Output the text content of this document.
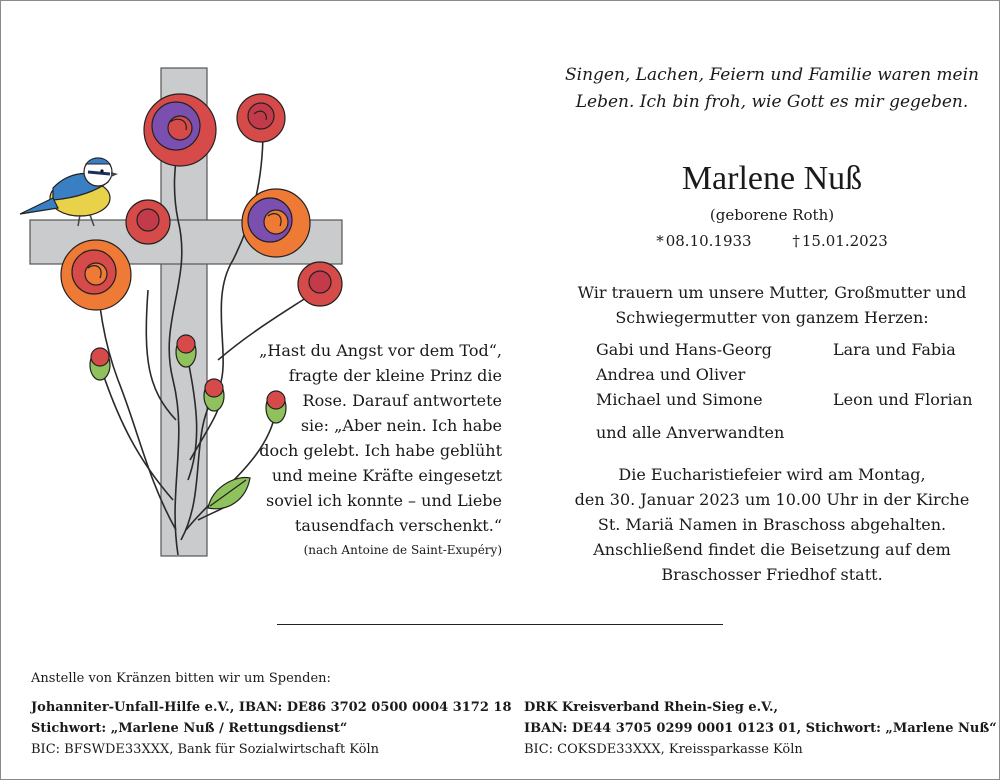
„Hast du Angst vor dem Tod“,
fragte der kleine Prinz die
Rose. Darauf antwortete
sie: „Aber nein. Ich habe
doch gelebt. Ich habe geblüht
und meine Kräfte eingesetzt
soviel ich konnte – und Liebe
tausendfach verschenkt.“
(nach Antoine de Saint-Exupéry)
Singen, Lachen, Feiern und Familie waren mein
Leben. Ich bin froh, wie Gott es mir gegeben.
Marlene Nuß
(geborene Roth)
* 08.10.1933	† 15.01.2023
Wir trauern um unsere Mutter, Großmutter und
Schwiegermutter von ganzem Herzen:
Gabi und Hans-Georg
Andrea und Oliver
Michael und Simone
Lara und Fabia
Leon und Florian
und alle Anverwandten
Die Eucharistiefeier wird am Montag,
den 30. Januar 2023 um 10.00 Uhr in der Kirche
St. Mariä Namen in Braschoss abgehalten.
Anschließend findet die Beisetzung auf dem
Braschosser Friedhof statt.
Anstelle von Kränzen bitten wir um Spenden:
Johanniter-Unfall-Hilfe e.V., IBAN: DE86 3702 0500 0004 3172 18
Stichwort: „Marlene Nuß / Rettungsdienst“
BIC: BFSWDE33XXX, Bank für Sozialwirtschaft Köln
DRK Kreisverband Rhein-Sieg e.V.,
IBAN: DE44 3705 0299 0001 0123 01, Stichwort: „Marlene Nuß“
BIC: COKSDE33XXX, Kreissparkasse Köln
